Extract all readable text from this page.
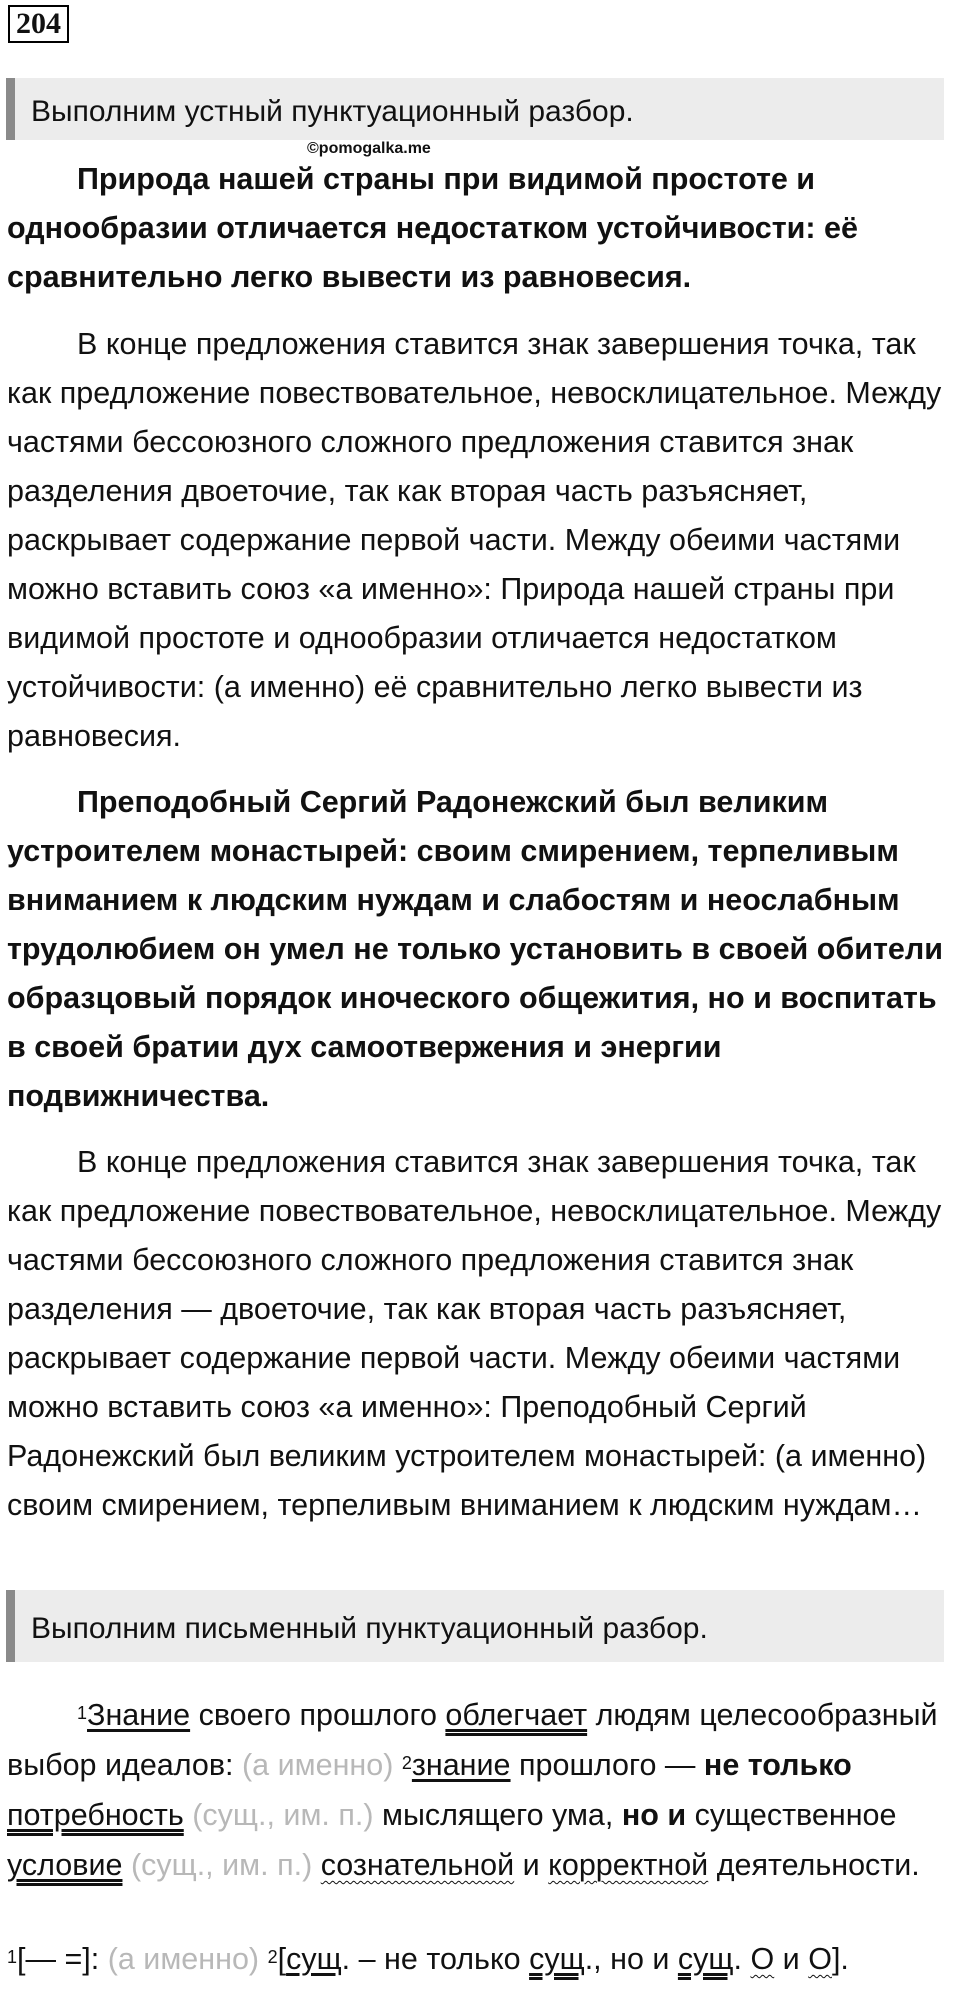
204
Выполним устный пунктуационный разбор.
©pomogalka.me

Природа нашей страны при видимой простоте и однообразии отличается недостатком устойчивости: её сравнительно легко вывести из равновесия.

В конце предложения ставится знак завершения точка, так как предложение повествовательное, невосклицательное. Между частями бессоюзного сложного предложения ставится знак разделения двоеточие, так как вторая часть разъясняет, раскрывает содержание первой части. Между обеими частями можно вставить союз «а именно»: Природа нашей страны при видимой простоте и однообразии отличается недостатком устойчивости: (а именно) её сравнительно легко вывести из равновесия.

Преподобный Сергий Радонежский был великим устроителем монастырей: своим смирением, терпеливым вниманием к людским нуждам и слабостям и неослабным трудолюбием он умел не только установить в своей обители образцовый порядок иноческого общежития, но и воспитать в своей братии дух самоотвержения и энергии подвижничества.

В конце предложения ставится знак завершения точка, так как предложение повествовательное, невосклицательное. Между частями бессоюзного сложного предложения ставится знак разделения — двоеточие, так как вторая часть разъясняет, раскрывает содержание первой части. Между обеими частями можно вставить союз «а именно»: Преподобный Сергий Радонежский был великим устроителем монастырей: (а именно) своим смирением, терпеливым вниманием к людским нуждам…

Выполним письменный пунктуационный разбор.

$^1$Знание своего прошлого облегчает людям целесообразный выбор идеалов: (а именно) $^2$знание прошлого — не только потребность (сущ., им. п.) мыслящего ума, но и существенное условие (сущ., им. п.) сознательной и корректной деятельности.

$^1$[— =]: (а именно) $^2$[сущ. – не только сущ., но и сущ. О и О].
